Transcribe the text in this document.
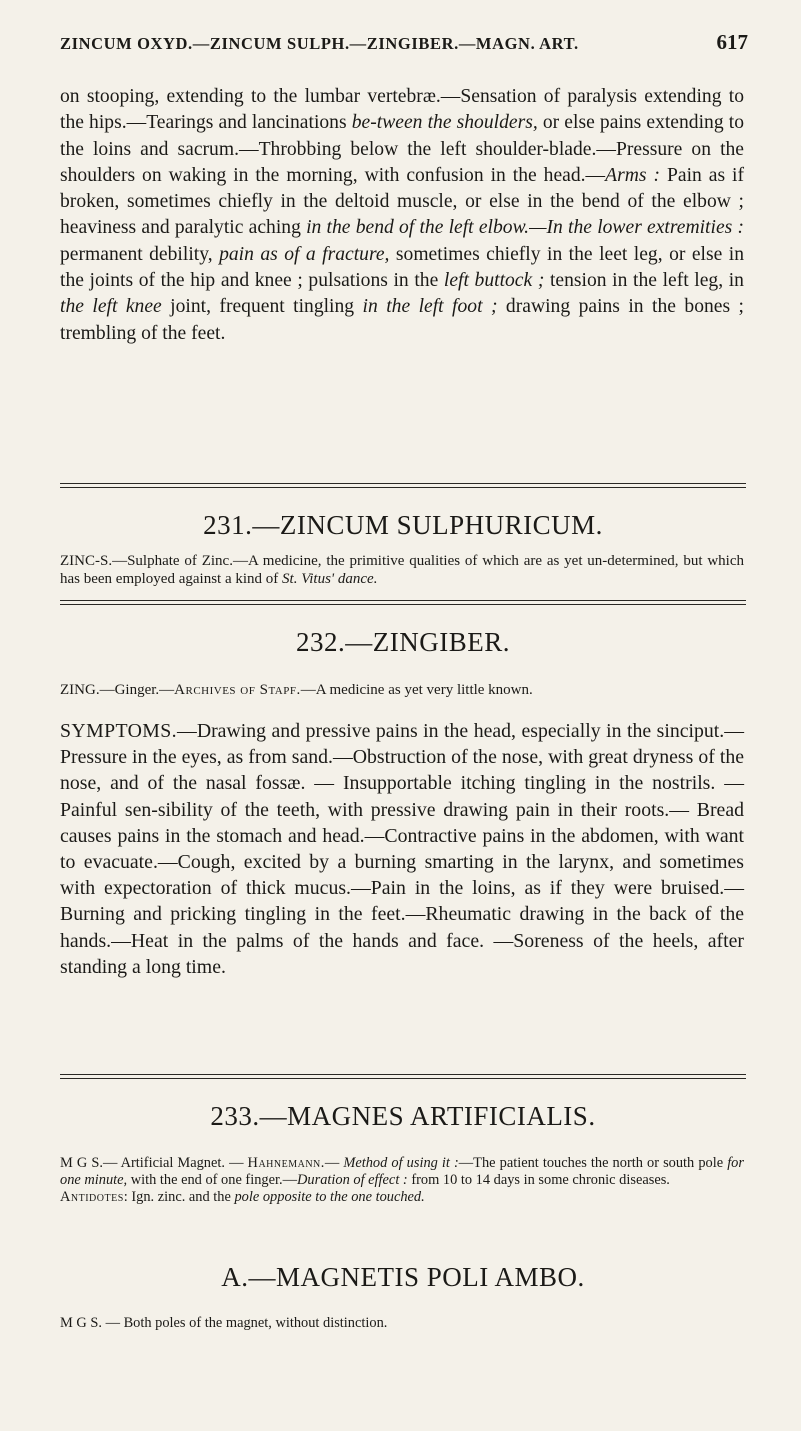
ZINCUM OXYD.—ZINCUM SULPH.—ZINGIBER.—MAGN. ART.	617
on stooping, extending to the lumbar vertebræ.—Sensation of paralysis extending to the hips.—Tearings and lancinations be-tween the shoulders, or else pains extending to the loins and sacrum.—Throbbing below the left shoulder-blade.—Pressure on the shoulders on waking in the morning, with confusion in the head.—Arms : Pain as if broken, sometimes chiefly in the deltoid muscle, or else in the bend of the elbow ; heaviness and paralytic aching in the bend of the left elbow.—In the lower extremities : permanent debility, pain as of a fracture, sometimes chiefly in the leet leg, or else in the joints of the hip and knee ; pulsations in the left buttock ; tension in the left leg, in the left knee joint, frequent tingling in the left foot ; drawing pains in the bones ; trembling of the feet.
231.—ZINCUM SULPHURICUM.
ZINC-S.—Sulphate of Zinc.—A medicine, the primitive qualities of which are as yet un-determined, but which has been employed against a kind of St. Vitus' dance.
232.—ZINGIBER.
ZING.—Ginger.—Archives of Stapf.—A medicine as yet very little known.
SYMPTOMS.—Drawing and pressive pains in the head, especially in the sinciput.—Pressure in the eyes, as from sand.—Obstruction of the nose, with great dryness of the nose, and of the nasal fossæ. — Insupportable itching tingling in the nostrils. — Painful sen-sibility of the teeth, with pressive drawing pain in their roots.— Bread causes pains in the stomach and head.—Contractive pains in the abdomen, with want to evacuate.—Cough, excited by a burning smarting in the larynx, and sometimes with expectoration of thick mucus.—Pain in the loins, as if they were bruised.— Burning and pricking tingling in the feet.—Rheumatic drawing in the back of the hands.—Heat in the palms of the hands and face. —Soreness of the heels, after standing a long time.
233.—MAGNES ARTIFICIALIS.
M G S.— Artificial Magnet. — Hahnemann.— Method of using it :—The patient touches the north or south pole for one minute, with the end of one finger.—Duration of effect : from 10 to 14 days in some chronic diseases.
Antidotes: Ign. zinc. and the pole opposite to the one touched.
A.—MAGNETIS POLI AMBO.
M G S. — Both poles of the magnet, without distinction.
